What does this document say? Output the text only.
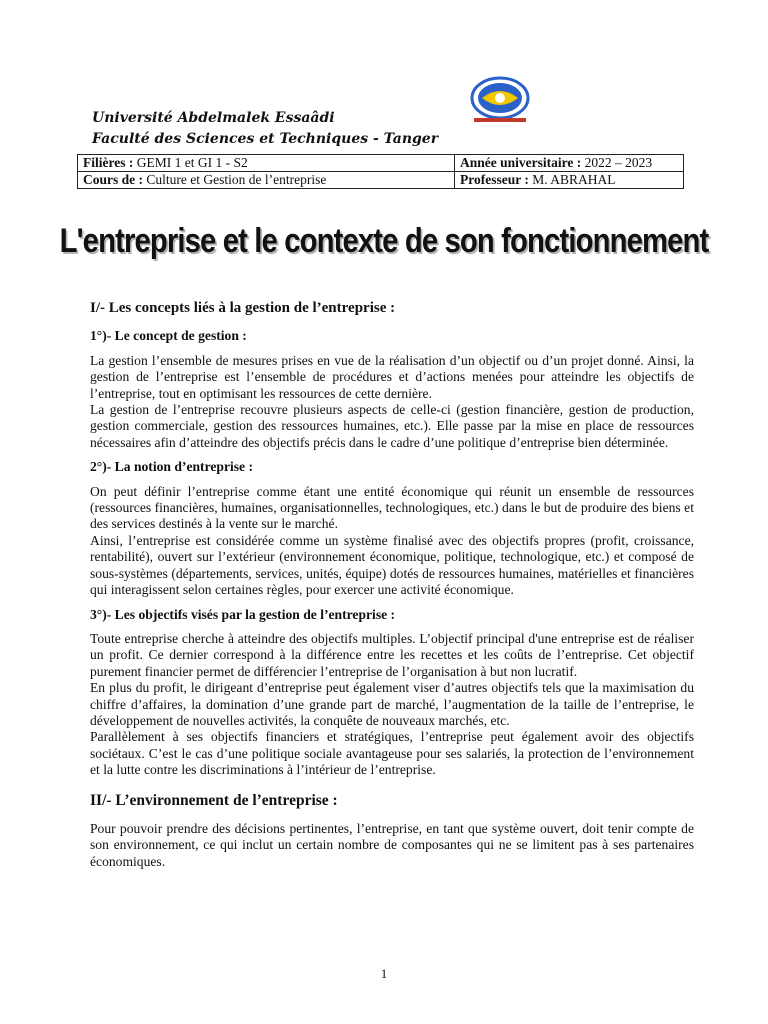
Université Abdelmalek Essaâdi
Faculté des Sciences et Techniques - Tanger
Filières : GEMI 1 et GI 1 - S2	Année universitaire : 2022 – 2023
Cours de : Culture et Gestion de l’entreprise	Professeur : M. ABRAHAL
L'entreprise et le contexte de son fonctionnement

I/- Les concepts liés à la gestion de l’entreprise :

1°)- Le concept de gestion :

La gestion l’ensemble de mesures prises en vue de la réalisation d’un objectif ou d’un projet donné. Ainsi, la gestion de l’entreprise est l’ensemble de procédures et d’actions menées pour atteindre les objectifs de l’entreprise, tout en optimisant les ressources de cette dernière.

La gestion de l’entreprise recouvre plusieurs aspects de celle-ci (gestion financière, gestion de production, gestion commerciale, gestion des ressources humaines, etc.). Elle passe par la mise en place de ressources nécessaires afin d’atteindre des objectifs précis dans le cadre d’une politique d’entreprise bien déterminée.

2°)- La notion d’entreprise :

On peut définir l’entreprise comme étant une entité économique qui réunit un ensemble de ressources (ressources financières, humaines, organisationnelles, technologiques, etc.) dans le but de produire des biens et des services destinés à la vente sur le marché.

Ainsi, l’entreprise est considérée comme un système finalisé avec des objectifs propres (profit, croissance, rentabilité), ouvert sur l’extérieur (environnement économique, politique, technologique, etc.) et composé de sous-systèmes (départements, services, unités, équipe) dotés de ressources humaines, matérielles et financières qui interagissent selon certaines règles, pour exercer une activité économique.

3°)- Les objectifs visés par la gestion de l’entreprise :

Toute entreprise cherche à atteindre des objectifs multiples. L’objectif principal d'une entreprise est de réaliser un profit. Ce dernier correspond à la différence entre les recettes et les coûts de l’entreprise. Cet objectif purement financier permet de différencier l’entreprise de l’organisation à but non lucratif.

En plus du profit, le dirigeant d’entreprise peut également viser d’autres objectifs tels que la maximisation du chiffre d’affaires, la domination d’une grande part de marché, l’augmentation de la taille de l’entreprise, le développement de nouvelles activités, la conquête de nouveaux marchés, etc.

Parallèlement à ses objectifs financiers et stratégiques, l’entreprise peut également avoir des objectifs sociétaux. C’est le cas d’une politique sociale avantageuse pour ses salariés, la protection de l’environnement et la lutte contre les discriminations à l’intérieur de l’entreprise.

II/- L’environnement de l’entreprise :

Pour pouvoir prendre des décisions pertinentes, l’entreprise, en tant que système ouvert, doit tenir compte de son environnement, ce qui inclut un certain nombre de composantes qui ne se limitent pas à ses partenaires économiques.

1
